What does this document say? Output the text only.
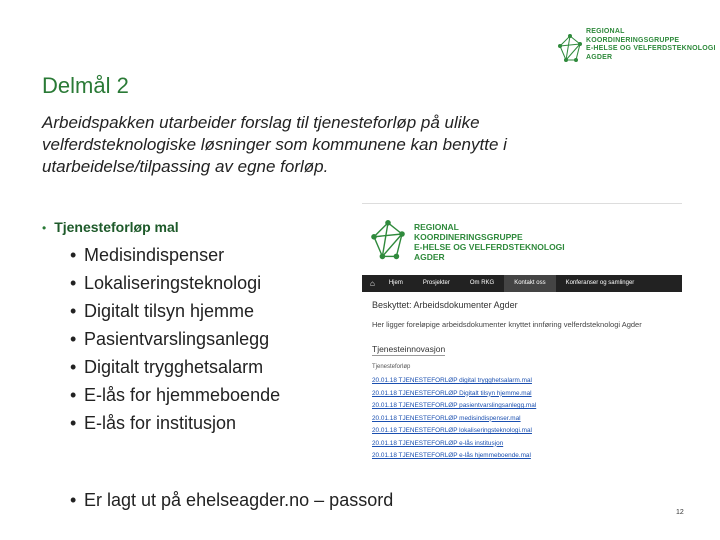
REGIONAL
KOORDINERINGSGRUPPE
E-HELSE OG VELFERDSTEKNOLOGI
AGDER
Delmål 2

Arbeidspakken utarbeider forslag til tjenesteforløp på ulike velferdsteknologiske løsninger som kommunene kan benytte i utarbeidelse/tilpassing av egne forløp.

• Tjenesteforløp mal
• Medisindispenser
• Lokaliseringsteknologi
• Digitalt tilsyn hjemme
• Pasientvarslingsanlegg
• Digitalt trygghetsalarm
• E-lås for hjemmeboende
• E-lås for institusjon
REGIONAL
KOORDINERINGSGRUPPE
E-HELSE OG VELFERDSTEKNOLOGI
AGDER
⌂	Hjem	Prosjekter	Om RKG	Kontakt oss	Konferanser og samlinger
Beskyttet: Arbeidsdokumenter Agder
Her ligger foreløpige arbeidsdokumenter knyttet innføring velferdsteknologi Agder
Tjenesteinnovasjon
Tjenesteforløp
20.01.18 TJENESTEFORLØP digital trygghetsalarm.mal
20.01.18 TJENESTEFORLØP Digitalt tilsyn hjemme.mal
20.01.18 TJENESTEFORLØP pasientvarslingsanlegg.mal
20.01.18 TJENESTEFORLØP medisindispenser.mal
20.01.18 TJENESTEFORLØP lokaliseringsteknologi.mal
20.01.18 TJENESTEFORLØP e-lås institusjon
20.01.18 TJENESTEFORLØP e-lås hjemmeboende.mal
• Er lagt ut på ehelseagder.no – passord
12
